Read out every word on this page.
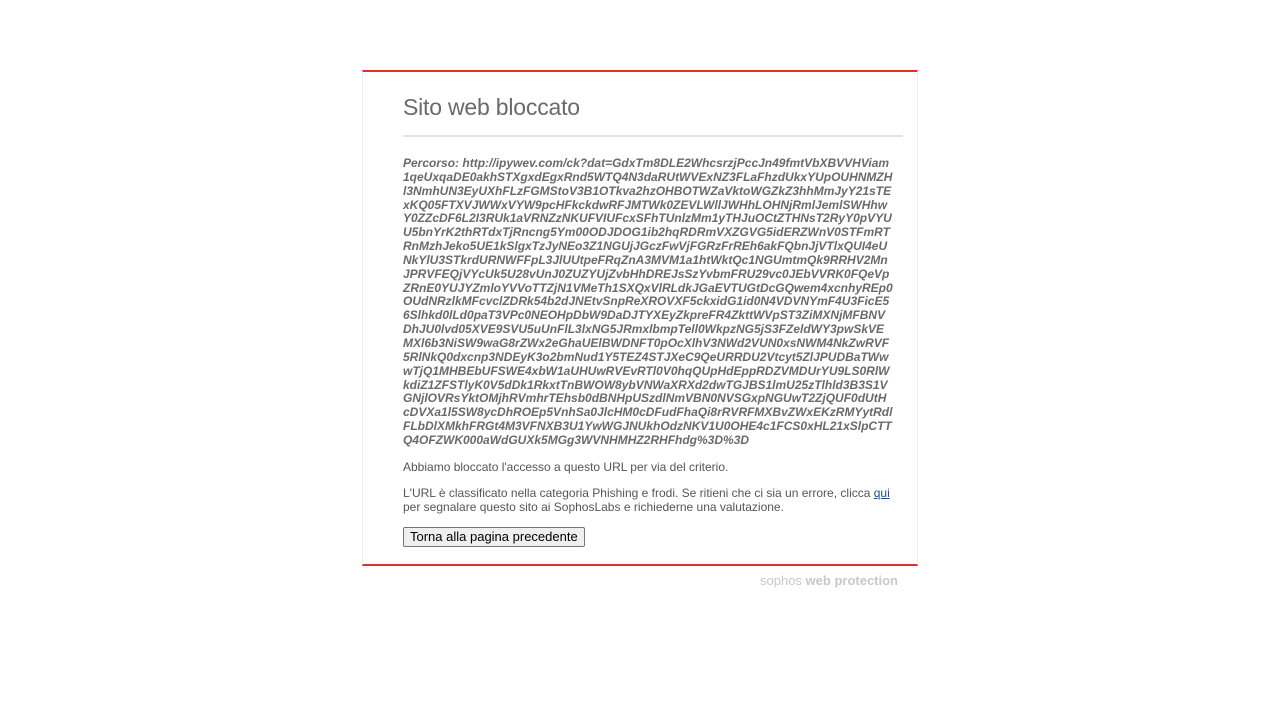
Sito web bloccato
Percorso: http://ipywev.com/ck?dat=GdxTm8DLE2WhcsrzjPccJn49fmtVbXBVVHViam1qeUxqaDE0akhSTXgxdEgxRnd5WTQ4N3daRUtWVExNZ3FLaFhzdUkxYUpOUHNMZHl3NmhUN3EyUXhFLzFGMStoV3B1OTkva2hzOHBOTWZaVktoWGZkZ3hhMmJyY21sTExKQ05FTXVJWWxVYW9pcHFkckdwRFJMTWk0ZEVLWllJWHhLOHNjRmlJemlSWHhwY0ZZcDF6L2I3RUk1aVRNZzNKUFVIUFcxSFhTUnlzMm1yTHJuOCtZTHNsT2RyY0pVYUU5bnYrK2thRTdxTjRncng5Ym00ODJDOG1ib2hqRDRmVXZGVG5idERZWnV0STFmRTRnMzhJeko5UE1kSlgxTzJyNEo3Z1NGUjJGczFwVjFGRzFrREh6akFQbnJjVTlxQUI4eUNkYlU3STkrdURNWFFpL3JlUUtpeFRqZnA3MVM1a1htWktQc1NGUmtmQk9RRHV2MnJPRVFEQjVYcUk5U28vUnJ0ZUZYUjZvbHhDREJsSzYvbmFRU29vc0JEbVVRK0FQeVpZRnE0YUJYZmloYVVoTTZjN1VMeTh1SXQxVlRLdkJGaEVTUGtDcGQwem4xcnhyREp0OUdNRzlkMFcvclZDRk54b2dJNEtvSnpReXROVXF5ckxidG1id0N4VDVNYmF4U3FicE56Slhkd0lLd0paT3VPc0NEOHpDbW9DaDJTYXEyZkpreFR4ZkttWVpST3ZiMXNjMFBNVDhJU0lvd05XVE9SVU5uUnFlL3lxNG5JRmxlbmpTell0WkpzNG5jS3FZeldWY3pwSkVEMXl6b3NiSW9waG8rZWx2eGhaUElBWDNFT0pOcXlhV3NWd2VUN0xsNWM4NkZwRVF5RlNkQ0dxcnp3NDEyK3o2bmNud1Y5TEZ4STJXeC9QeURRDU2Vtcyt5ZlJPUDBaTWwwTjQ1MHBEbUFSWE4xbW1aUHUwRVEvRTl0V0hqQUpHdEppRDZVMDUrYU9LS0RlWkdiZ1ZFSTlyK0V5dDk1RkxtTnBWOW8ybVNWaXRXd2dwTGJBS1lmU25zTlhld3B3S1VGNjlOVRsYktOMjhRVmhrTEhsb0dBNHpUSzdlNmVBN0NVSGxpNGUwT2ZjQUF0dUtHcDVXa1l5SW8ycDhROEp5VnhSa0JlcHM0cDFudFhaQi8rRVRFMXBvZWxEKzRMYytRdlFLbDlXMkhFRGt4M3VFNXB3U1YwWGJNUkhOdzNKV1U0OHE4c1FCS0xHL21xSlpCTTQ4OFZWK000aWdGUXk5MGg3WVNHMHZ2RHFhdg%3D%3D
Abbiamo bloccato l'accesso a questo URL per via del criterio.
L'URL è classificato nella categoria Phishing e frodi. Se ritieni che ci sia un errore, clicca qui per segnalare questo sito ai SophosLabs e richiederne una valutazione.
Torna alla pagina precedente
sophos web protection
